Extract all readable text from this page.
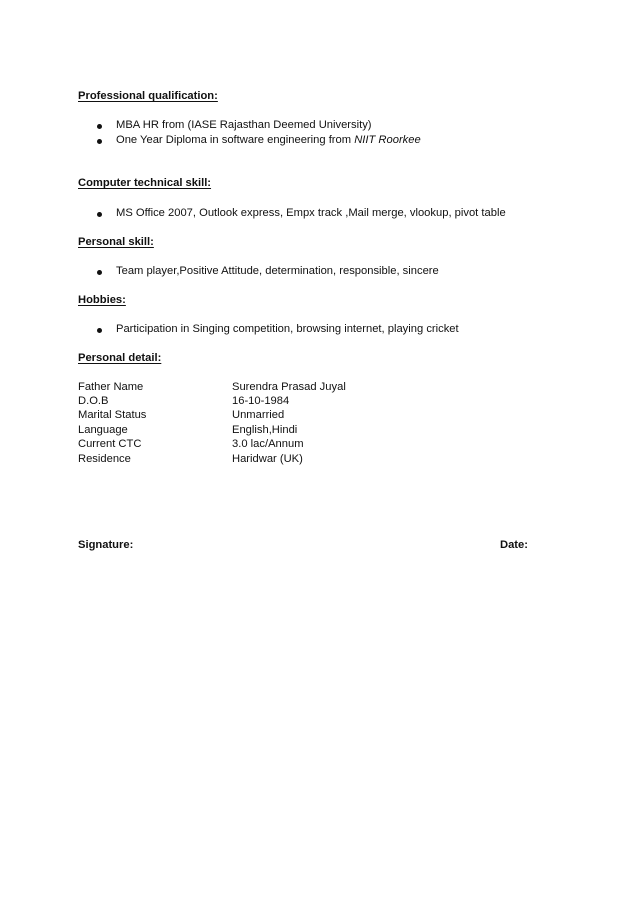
Professional qualification:
MBA HR from (IASE Rajasthan Deemed University)
One Year Diploma in software engineering from NIIT Roorkee
Computer technical skill:
MS Office 2007, Outlook express, Empx track ,Mail merge, vlookup, pivot table
Personal skill:
Team player,Positive Attitude, determination, responsible, sincere
Hobbies:
Participation in Singing competition, browsing internet, playing cricket
Personal detail:
Father Name	Surendra Prasad Juyal
D.O.B	16-10-1984
Marital Status	Unmarried
Language	English,Hindi
Current CTC	3.0 lac/Annum
Residence	Haridwar (UK)
Signature:	Date:
